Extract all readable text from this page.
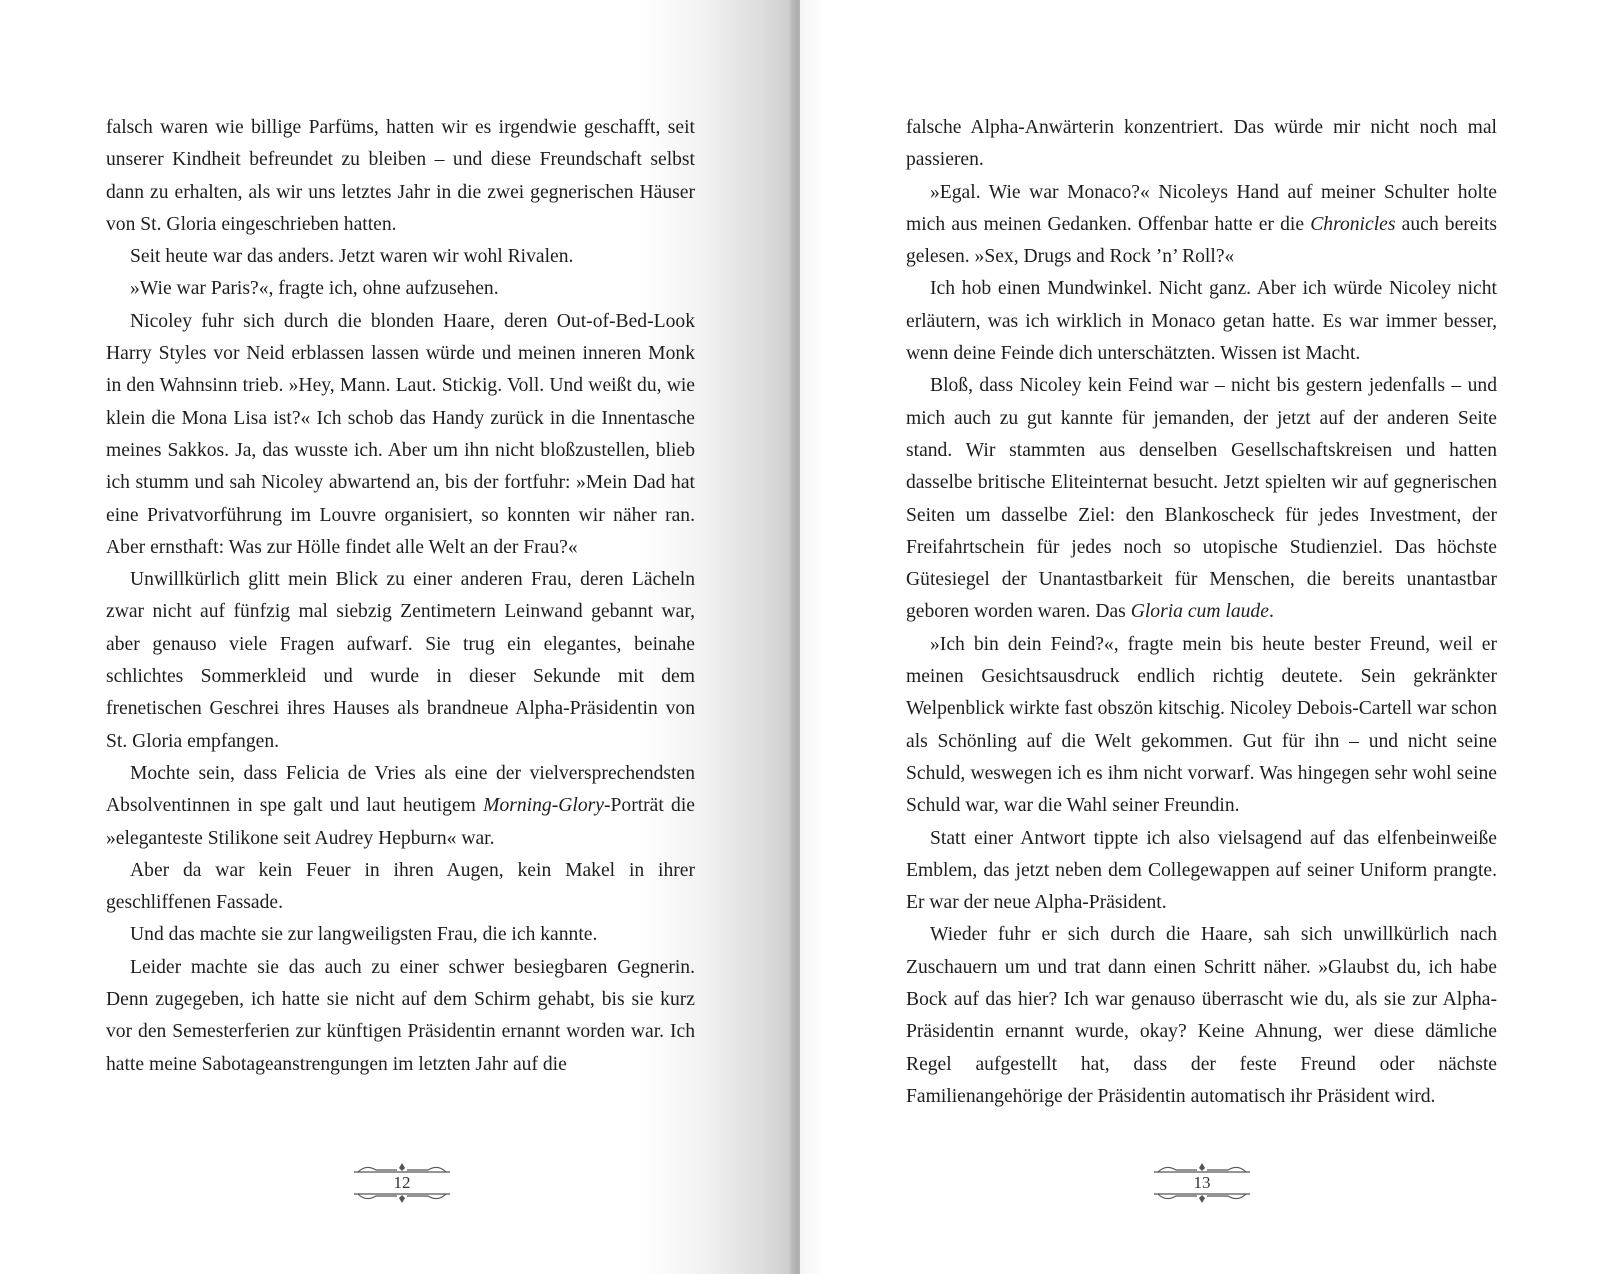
falsch waren wie billige Parfüms, hatten wir es irgendwie geschafft, seit unserer Kindheit befreundet zu bleiben – und diese Freundschaft selbst dann zu erhalten, als wir uns letztes Jahr in die zwei gegnerischen Häuser von St. Gloria eingeschrieben hatten.

Seit heute war das anders. Jetzt waren wir wohl Rivalen.

»Wie war Paris?«, fragte ich, ohne aufzusehen.

Nicoley fuhr sich durch die blonden Haare, deren Out-of-Bed-Look Harry Styles vor Neid erblassen lassen würde und meinen inneren Monk in den Wahnsinn trieb. »Hey, Mann. Laut. Stickig. Voll. Und weißt du, wie klein die Mona Lisa ist?« Ich schob das Handy zurück in die Innentasche meines Sakkos. Ja, das wusste ich. Aber um ihn nicht bloßzustellen, blieb ich stumm und sah Nicoley abwartend an, bis der fortfuhr: »Mein Dad hat eine Privatvorführung im Louvre organisiert, so konnten wir näher ran. Aber ernsthaft: Was zur Hölle findet alle Welt an der Frau?«

Unwillkürlich glitt mein Blick zu einer anderen Frau, deren Lächeln zwar nicht auf fünfzig mal siebzig Zentimetern Leinwand gebannt war, aber genauso viele Fragen aufwarf. Sie trug ein elegantes, beinahe schlichtes Sommerkleid und wurde in dieser Sekunde mit dem frenetischen Geschrei ihres Hauses als brandneue Alpha-Präsidentin von St. Gloria empfangen.

Mochte sein, dass Felicia de Vries als eine der vielversprechendsten Absolventinnen in spe galt und laut heutigem Morning-Glory-Porträt die »eleganteste Stilikone seit Audrey Hepburn« war.

Aber da war kein Feuer in ihren Augen, kein Makel in ihrer geschliffenen Fassade.

Und das machte sie zur langweiligsten Frau, die ich kannte.

Leider machte sie das auch zu einer schwer besiegbaren Gegnerin. Denn zugegeben, ich hatte sie nicht auf dem Schirm gehabt, bis sie kurz vor den Semesterferien zur künftigen Präsidentin ernannt worden war. Ich hatte meine Sabotageanstrengungen im letzten Jahr auf die

12

falsche Alpha-Anwärterin konzentriert. Das würde mir nicht noch mal passieren.

»Egal. Wie war Monaco?« Nicoleys Hand auf meiner Schulter holte mich aus meinen Gedanken. Offenbar hatte er die Chronicles auch bereits gelesen. »Sex, Drugs and Rock ’n’ Roll?«

Ich hob einen Mundwinkel. Nicht ganz. Aber ich würde Nicoley nicht erläutern, was ich wirklich in Monaco getan hatte. Es war immer besser, wenn deine Feinde dich unterschätzten. Wissen ist Macht.

Bloß, dass Nicoley kein Feind war – nicht bis gestern jedenfalls – und mich auch zu gut kannte für jemanden, der jetzt auf der anderen Seite stand. Wir stammten aus denselben Gesellschaftskreisen und hatten dasselbe britische Eliteinternat besucht. Jetzt spielten wir auf gegnerischen Seiten um dasselbe Ziel: den Blankoscheck für jedes Investment, der Freifahrtschein für jedes noch so utopische Studienziel. Das höchste Gütesiegel der Unantastbarkeit für Menschen, die bereits unantastbar geboren worden waren. Das Gloria cum laude.

»Ich bin dein Feind?«, fragte mein bis heute bester Freund, weil er meinen Gesichtsausdruck endlich richtig deutete. Sein gekränkter Welpenblick wirkte fast obszön kitschig. Nicoley Debois-Cartell war schon als Schönling auf die Welt gekommen. Gut für ihn – und nicht seine Schuld, weswegen ich es ihm nicht vorwarf. Was hingegen sehr wohl seine Schuld war, war die Wahl seiner Freundin.

Statt einer Antwort tippte ich also vielsagend auf das elfenbeinweiße Emblem, das jetzt neben dem Collegewappen auf seiner Uniform prangte. Er war der neue Alpha-Präsident.

Wieder fuhr er sich durch die Haare, sah sich unwillkürlich nach Zuschauern um und trat dann einen Schritt näher. »Glaubst du, ich habe Bock auf das hier? Ich war genauso überrascht wie du, als sie zur Alpha-Präsidentin ernannt wurde, okay? Keine Ahnung, wer diese dämliche Regel aufgestellt hat, dass der feste Freund oder nächste Familienangehörige der Präsidentin automatisch ihr Präsident wird.

13
